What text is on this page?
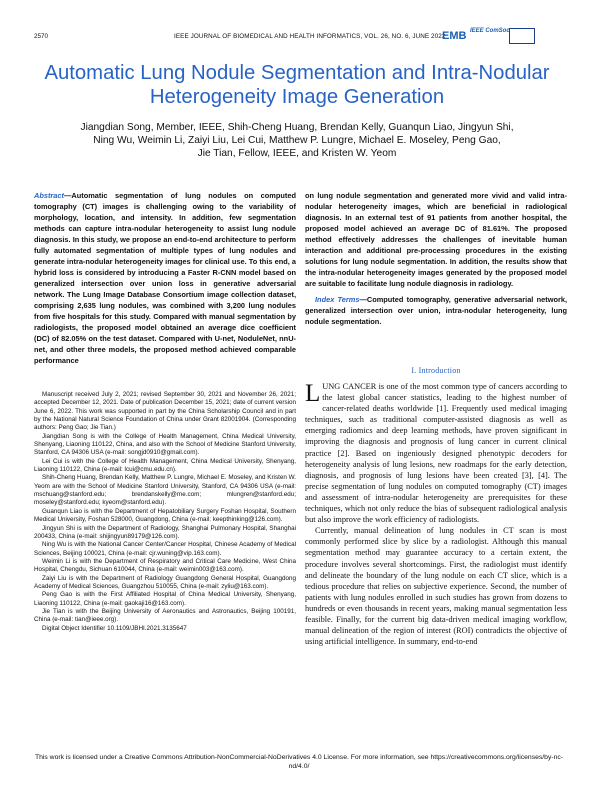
2570	IEEE JOURNAL OF BIOMEDICAL AND HEALTH INFORMATICS, VOL. 26, NO. 6, JUNE 2022
EMB IEEE ComSoc
Automatic Lung Nodule Segmentation and Intra-Nodular Heterogeneity Image Generation
Jiangdian Song, Member, IEEE, Shih-Cheng Huang, Brendan Kelly, Guanqun Liao, Jingyun Shi,
Ning Wu, Weimin Li, Zaiyi Liu, Lei Cui, Matthew P. Lungre, Michael E. Moseley, Peng Gao,
Jie Tian, Fellow, IEEE, and Kristen W. Yeom
Abstract—Automatic segmentation of lung nodules on computed tomography (CT) images is challenging owing to the variability of morphology, location, and intensity. In addition, few segmentation methods can capture intra-nodular heterogeneity to assist lung nodule diagnosis. In this study, we propose an end-to-end architecture to perform fully automated segmentation of multiple types of lung nodules and generate intra-nodular heterogeneity images for clinical use. To this end, a hybrid loss is considered by introducing a Faster R-CNN model based on generalized intersection over union loss in generative adversarial network. The Lung Image Database Consortium image collection dataset, comprising 2,635 lung nodules, was combined with 3,200 lung nodules from five hospitals for this study. Compared with manual segmentation by radiologists, the proposed model obtained an average dice coefficient (DC) of 82.05% on the test dataset. Compared with U-net, NoduleNet, nnU-net, and other three models, the proposed method achieved comparable performance
on lung nodule segmentation and generated more vivid and valid intra-nodular heterogeneity images, which are beneficial in radiological diagnosis. In an external test of 91 patients from another hospital, the proposed model achieved an average DC of 81.61%. The proposed method effectively addresses the challenges of inevitable human interaction and additional pre-processing procedures in the existing solutions for lung nodule segmentation. In addition, the results show that the intra-nodular heterogeneity images generated by the proposed model are suitable to facilitate lung nodule diagnosis in radiology.
Index Terms—Computed tomography, generative adversarial network, generalized intersection over union, intra-nodular heterogeneity, lung nodule segmentation.

Manuscript received July 2, 2021; revised September 30, 2021 and November 26, 2021; accepted December 12, 2021. Date of publication December 15, 2021; date of current version June 6, 2022. This work was supported in part by the China Scholarship Council and in part by the National Natural Science Foundation of China under Grant 82001904. (Corresponding authors: Peng Gao; Jie Tian.)

Jiangdian Song is with the College of Health Management, China Medical University, Shenyang, Liaoning 110122, China, and also with the School of Medicine Stanford University, Stanford, CA 94306 USA (e-mail: songjd0910@gmail.com).

Lei Cui is with the College of Health Management, China Medical University, Shenyang, Liaoning 110122, China (e-mail: lcui@cmu.edu.cn).

Shih-Cheng Huang, Brendan Kelly, Matthew P. Lungre, Michael E. Moseley, and Kristen W. Yeom are with the School of Medicine Stanford University, Stanford, CA 94306 USA (e-mail: mschuang@stanford.edu; brendanskelly@me.com; mlungren@stanford.edu; moseley@stanford.edu; kyeom@stanford.edu).

Guanqun Liao is with the Department of Hepatobiliary Surgery Foshan Hospital, Southern Medical University, Foshan 528000, Guangdong, China (e-mail: keepthinking@126.com).

Jingyun Shi is with the Department of Radiology, Shanghai Pulmonary Hospital, Shanghai 200433, China (e-mail: shijingyun89179@126.com).

Ning Wu is with the National Cancer Center/Cancer Hospital, Chinese Academy of Medical Sciences, Beijing 100021, China (e-mail: cjr.wuning@vip.163.com).

Weimin Li is with the Department of Respiratory and Critical Care Medicine, West China Hospital, Chengdu, Sichuan 610044, China (e-mail: weimin003@163.com).

Zaiyi Liu is with the Department of Radiology Guangdong General Hospital, Guangdong Academy of Medical Sciences, Guangzhou 510055, China (e-mail: zyliu@163.com).

Peng Gao is with the First Affiliated Hospital of China Medical University, Shenyang, Liaoning 110122, China (e-mail: gaokaji16@163.com).

Jie Tian is with the Beijing University of Aeronautics and Astronautics, Beijing 100191, China (e-mail: tian@ieee.org).

Digital Object Identifier 10.1109/JBHI.2021.3135647

I. Introduction

LUNG CANCER is one of the most common type of cancers according to the latest global cancer statistics, leading to the highest number of cancer-related deaths worldwide [1]. Frequently used medical imaging techniques, such as traditional computer-assisted diagnosis as well as emerging radiomics and deep learning methods, have proven significant in improving the diagnosis and prognosis of lung cancer in current clinical practice [2]. Based on ingeniously designed phenotypic decoders for heterogeneity analysis of lung lesions, new roadmaps for the early detection, diagnosis, and prognosis of lung lesions have been created [3], [4]. The precise segmentation of lung nodules on computed tomography (CT) images and assessment of intra-nodular heterogeneity are prerequisites for these techniques, which not only reduce the bias of subsequent radiological analysis but also improve the work efficiency of radiologists.

Currently, manual delineation of lung nodules in CT scan is most commonly performed slice by slice by a radiologist. Although this manual segmentation method may guarantee accuracy to a certain extent, the procedure involves several shortcomings. First, the radiologist must identify and delineate the boundary of the lung nodule on each CT slice, which is a tedious procedure that relies on subjective experience. Second, the number of patients with lung nodules enrolled in such studies has grown from dozens to hundreds or even thousands in recent years, making manual segmentation less feasible. Finally, for the current big data-driven medical imaging workflow, manual delineation of the region of interest (ROI) contradicts the objective of using artificial intelligence. In summary, end-to-end

This work is licensed under a Creative Commons Attribution-NonCommercial-NoDerivatives 4.0 License. For more information, see https://creativecommons.org/licenses/by-nc-nd/4.0/
